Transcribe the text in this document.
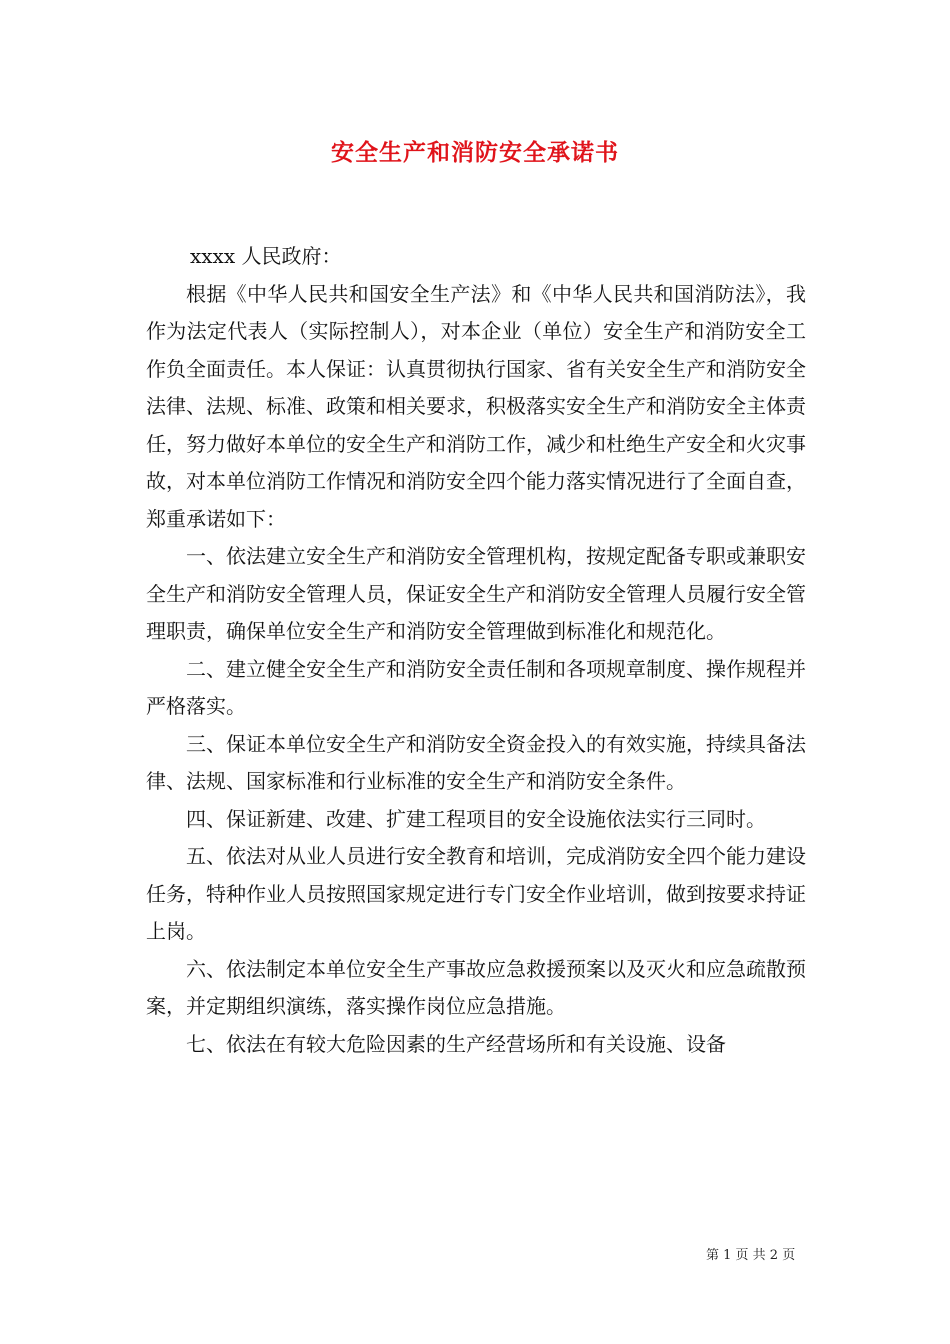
安全生产和消防安全承诺书

xxxx 人民政府：

根据《中华人民共和国安全生产法》和《中华人民共和国消防法》，我作为法定代表人（实际控制人），对本企业（单位）安全生产和消防安全工作负全面责任。本人保证：认真贯彻执行国家、省有关安全生产和消防安全法律、法规、标准、政策和相关要求，积极落实安全生产和消防安全主体责任，努力做好本单位的安全生产和消防工作，减少和杜绝生产安全和火灾事故，对本单位消防工作情况和消防安全四个能力落实情况进行了全面自查，郑重承诺如下：

一、依法建立安全生产和消防安全管理机构，按规定配备专职或兼职安全生产和消防安全管理人员，保证安全生产和消防安全管理人员履行安全管理职责，确保单位安全生产和消防安全管理做到标准化和规范化。

二、建立健全安全生产和消防安全责任制和各项规章制度、操作规程并严格落实。

三、保证本单位安全生产和消防安全资金投入的有效实施，持续具备法律、法规、国家标准和行业标准的安全生产和消防安全条件。

四、保证新建、改建、扩建工程项目的安全设施依法实行三同时。

五、依法对从业人员进行安全教育和培训，完成消防安全四个能力建设任务，特种作业人员按照国家规定进行专门安全作业培训，做到按要求持证上岗。

六、依法制定本单位安全生产事故应急救援预案以及灭火和应急疏散预案，并定期组织演练，落实操作岗位应急措施。

七、依法在有较大危险因素的生产经营场所和有关设施、设备

第 1 页 共 2 页
